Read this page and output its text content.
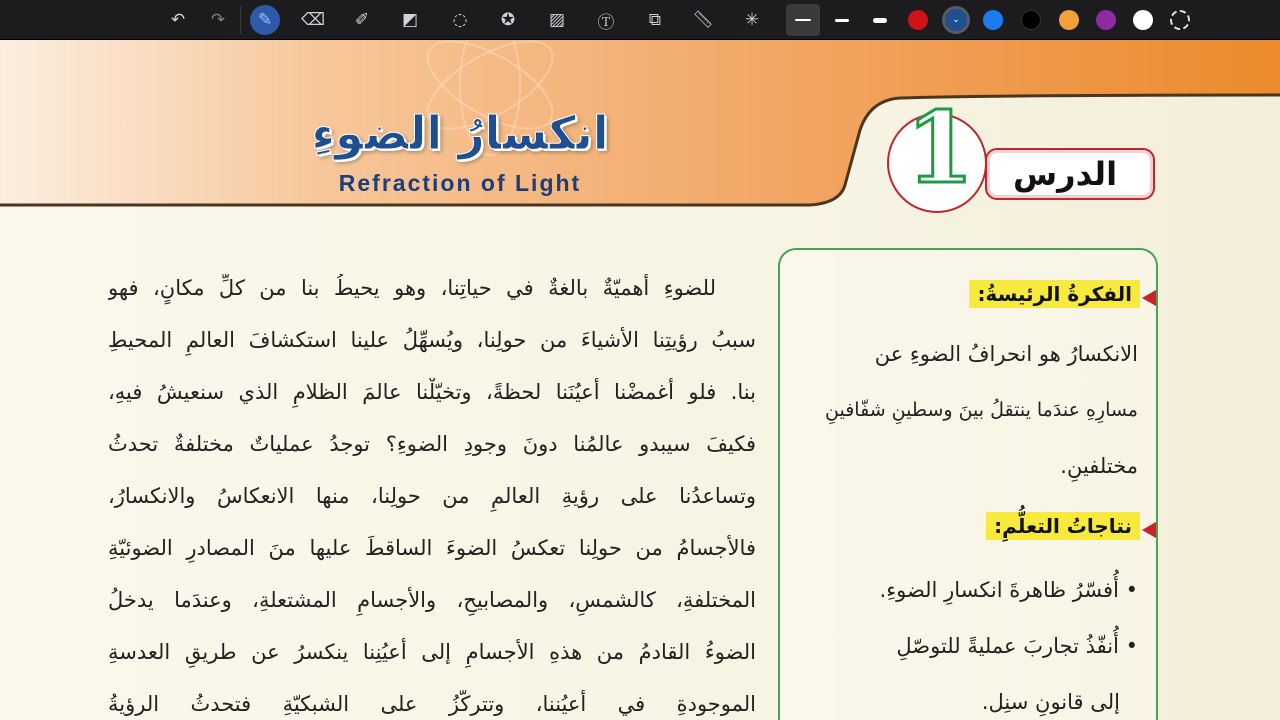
↶	↷	✎	⌫	✐	◩	◌	✪	▨	Ⓣ	⧉	📏︎	✳	⌄
انكسارُ الضوءِ
Refraction of Light	الدرس
1
للضوءِ أهميّةٌ بالغةٌ في حياتِنا، وهو يحيطُ بنا من كلِّ مكانٍ، فهو
سببُ رؤيتِنا الأشياءَ من حولِنا، ويُسهِّلُ علينا استكشافَ العالمِ المحيطِ
بنا. فلو أغمضْنا أعيُنَنا لحظةً، وتخيّلْنا عالمَ الظلامِ الذي سنعيشُ فيهِ،
فكيفَ سيبدو عالمُنا دونَ وجودِ الضوءِ؟ توجدُ عملياتٌ مختلفةٌ تحدثُ
وتساعدُنا على رؤيةِ العالمِ من حولِنا، منها الانعكاسُ والانكسارُ،
فالأجسامُ من حولِنا تعكسُ الضوءَ الساقطَ عليها منَ المصادرِ الضوئيّةِ
المختلفةِ، كالشمسِ، والمصابيحِ، والأجسامِ المشتعلةِ، وعندَما يدخلُ
الضوءُ القادمُ من هذهِ الأجسامِ إلى أعيُنِنا ينكسرُ عن طريقِ العدسةِ
الموجودةِ في أعيُننا، وتتركّزُ على الشبكيّةِ فتحدثُ الرؤيةُ
الفكرةُ الرئيسةُ:
الانكسارُ هو انحرافُ الضوءِ عن
مسارِهِ عندَما ينتقلُ بينَ وسطينِ شفّافينِ
مختلفينِ.
نتاجاتُ التعلُّمِ:
• أُفسّرُ ظاهرةَ انكسارِ الضوءِ.
• أُنفّذُ تجاربَ عمليةً للتوصّلِ
إلى قانونِ سنِل.
